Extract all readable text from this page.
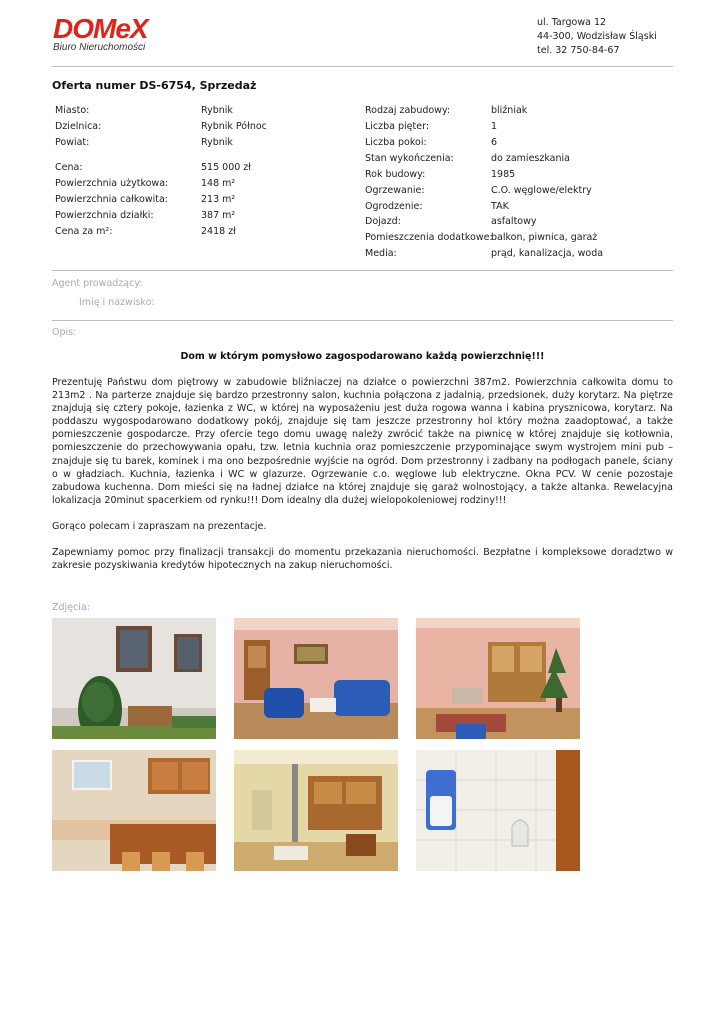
DOMeX
Biuro Nieruchomości
ul. Targowa 12
44-300, Wodzisław Śląski
tel. 32 750-84-67
Oferta numer DS-6754, Sprzedaż
Miasto:	Rybnik
Dzielnica:	Rybnik Północ
Powiat:	Rybnik
Cena:	515 000 zł
Powierzchnia użytkowa:	148 m²
Powierzchnia całkowita:	213 m²
Powierzchnia działki:	387 m²
Cena za m²:	2418 zł
Rodzaj zabudowy:	bliźniak
Liczba pięter:	1
Liczba pokoi:	6
Stan wykończenia:	do zamieszkania
Rok budowy:	1985
Ogrzewanie:	C.O. węglowe/elektry
Ogrodzenie:	TAK
Dojazd:	asfaltowy
Pomieszczenia dodatkowe:
balkon, piwnica, garaż
Media:	prąd, kanalizacja, woda
Agent prowadzący:
Imię i nazwisko:
Opis:
Dom w którym pomysłowo zagospodarowano każdą powierzchnię!!!

Prezentuję Państwu dom piętrowy w zabudowie bliźniaczej na działce o powierzchni 387m2. Powierzchnia całkowita domu to 213m2 . Na parterze znajduje się bardzo przestronny salon, kuchnia połączona z jadalnią, przedsionek, duży korytarz. Na piętrze znajdują się cztery pokoje, łazienka z WC, w której na wyposażeniu jest duża rogowa wanna i kabina prysznicowa, korytarz. Na poddaszu wygospodarowano dodatkowy pokój, znajduje się tam jeszcze przestronny hol który można zaadoptować, a także pomieszczenie gospodarcze. Przy ofercie tego domu uwagę należy zwrócić także na piwnicę w której znajduje się kotłownia, pomieszczenie do przechowywania opału, tzw. letnia kuchnia oraz pomieszczenie przypominające swym wystrojem mini pub – znajduje się tu barek, kominek i ma ono bezpośrednie wyjście na ogród. Dom przestronny i zadbany na podłogach panele, ściany o w gładziach. Kuchnia, łazienka i WC w glazurze. Ogrzewanie c.o. węglowe lub elektryczne. Okna PCV. W cenie pozostaje zabudowa kuchenna. Dom mieści się na ładnej działce na której znajduje się garaż wolnostojący, a także altanka. Rewelacyjna lokalizacja 20minut spacerkiem od rynku!!! Dom idealny dla dużej wielopokoleniowej rodziny!!!

Gorąco polecam i zapraszam na prezentacje.

Zapewniamy pomoc przy finalizacji transakcji do momentu przekazania nieruchomości. Bezpłatne i kompleksowe doradztwo w zakresie pozyskiwania kredytów hipotecznych na zakup nieruchomości.

Zdjęcia:
